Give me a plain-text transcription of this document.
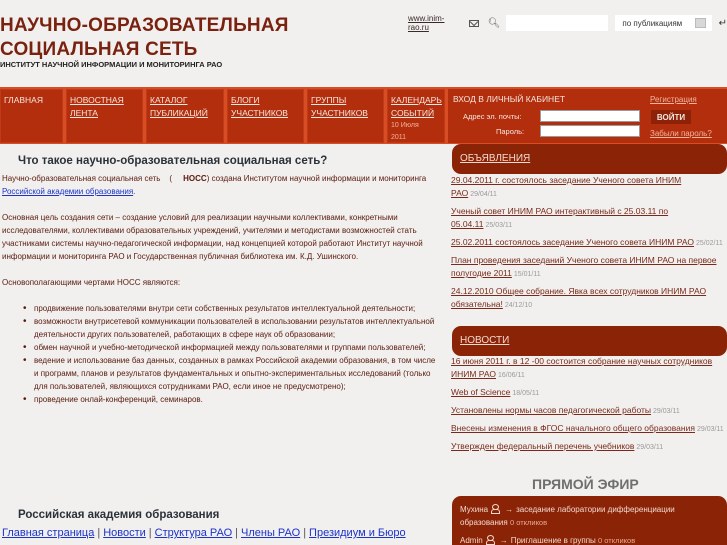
НАУЧНО-ОБРАЗОВАТЕЛЬНАЯ СОЦИАЛЬНАЯ СЕТЬ
ИНСТИТУТ НАУЧНОЙ ИНФОРМАЦИИ И МОНИТОРИНГА РАО
www.inim-rao.ru	🔍︎	по публикациям	↵
ГЛАВНАЯ	НОВОСТНАЯ
ЛЕНТА
КАТАЛОГ
ПУБЛИКАЦИЙ
БЛОГИ
УЧАСТНИКОВ
ГРУППЫ
УЧАСТНИКОВ
КАЛЕНДАРЬ
СОБЫТИЙ
10 Июля
2011
ВХОД В ЛИЧНЫЙ КАБИНЕТ	Регистрация
Адрес эл. почты:
Пароль:
ВОЙТИ
Забыли пароль?
Что такое научно-образовательная социальная сеть?

Научно-образовательная социальная сеть    (     НОСС) создана Институтом научной информации и мониторинга Российской академии образования.

Основная цель создания сети – создание условий для реализации научными коллективами, конкретными исследователями, коллективами образовательных учреждений, учителями и методистами возможностей стать участниками системы научно-педагогической информации, над концепцией которой работают Институт научной информации и мониторинга РАО и Государственная публичная библиотека им. К.Д. Ушинского.

Основополагающими чертами НОСС являются:

• продвижение пользователями внутри сети собственных результатов интеллектуальной деятельности;
• возможности внутрисетевой коммуникации пользователей в использовании результатов интеллектуальной деятельности других пользователей, работающих в сфере наук об образовании;
• обмен научной и учебно-методической информацией между пользователями и группами пользователей;
• ведение и использование баз данных, созданных в рамках Российской академии образования, в том числе и программ, планов и результатов фундаментальных и опытно-экспериментальных исследований (только для пользователей, являющихся сотрудниками РАО, если иное не предусмотрено);
• проведение онлай-конференций, семинаров.
Российская академия образования
Главная страница | Новости | Структура РАО | Члены РАО | Президиум и Бюро
ОБЪЯВЛЕНИЯ
29.04.2011 г. состоялось заседание Ученого совета ИНИМ РАО 29/04/11
Ученый совет ИНИМ РАО интерактивный с 25.03.11 по 05.04.11 25/03/11
25.02.2011 состоялось заседание Ученого совета ИНИМ РАО 25/02/11
План проведения заседаний Ученого совета ИНИМ РАО на первое полугодие 2011 15/01/11
24.12.2010 Общее собрание. Явка всех сотрудников ИНИМ РАО обязательна! 24/12/10
НОВОСТИ
16 июня 2011 г. в 12 -00 состоится собрание научных сотрудников ИНИМ РАО 16/06/11
Web of Science 18/05/11
Установлены нормы часов педагогической работы 29/03/11
Внесены изменения в ФГОС начального общего образования 29/03/11
Утвержден федеральный перечень учебников 29/03/11
ПРЯМОЙ ЭФИР
Мухина → заседание лаборатории дифференциации образования 0 откликов
Admin → Приглашение в группы 0 откликов
